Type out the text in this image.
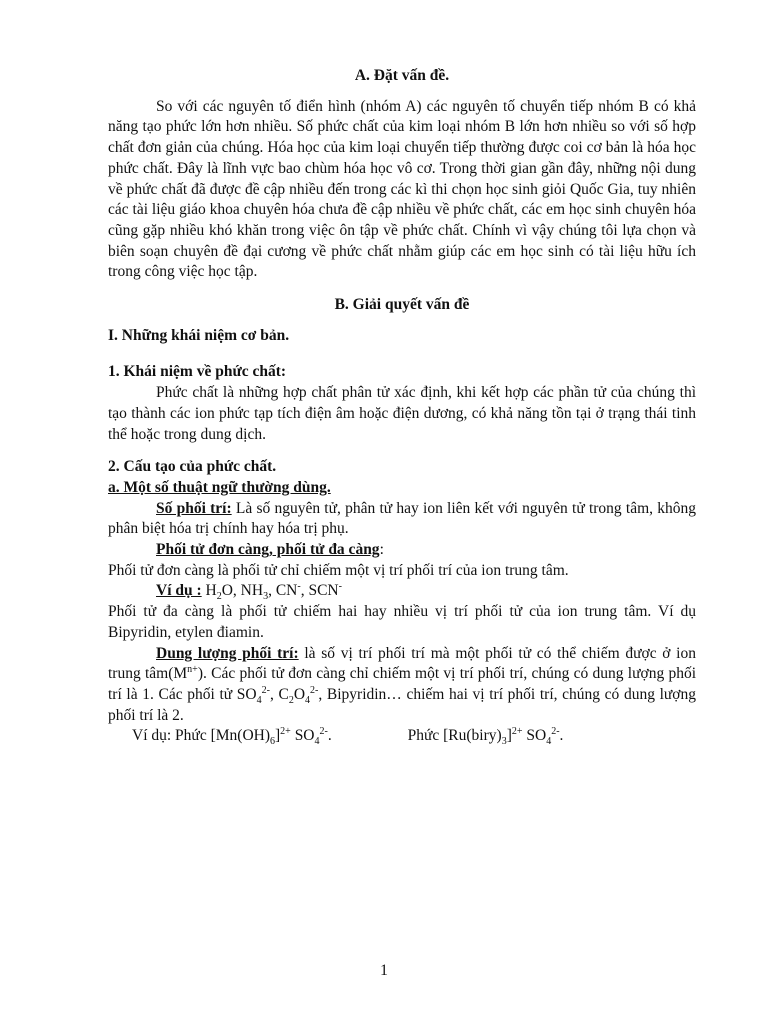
A. Đặt vấn đề.

So với các nguyên tố điển hình (nhóm A) các nguyên tố chuyển tiếp nhóm B có khả năng tạo phức lớn hơn nhiều. Số phức chất của kim loại nhóm B lớn hơn nhiều so với số hợp chất đơn giản của chúng. Hóa học của kim loại chuyển tiếp thường được coi cơ bản là hóa học phức chất. Đây là lĩnh vực bao chùm hóa học vô cơ. Trong thời gian gần đây, những nội dung về phức chất đã được đề cập nhiều đến trong các kì thi chọn học sinh giỏi Quốc Gia, tuy nhiên các tài liệu giáo khoa chuyên hóa chưa đề cập nhiều về phức chất, các em học sinh chuyên hóa cũng gặp nhiều khó khăn trong việc ôn tập về phức chất. Chính vì vậy chúng tôi lựa chọn và biên soạn chuyên đề đại cương về phức chất nhằm giúp các em học sinh có tài liệu hữu ích trong công việc học tập.

B. Giải quyết vấn đề

I. Những khái niệm cơ bản.

1. Khái niệm về phức chất:

Phức chất là những hợp chất phân tử xác định, khi kết hợp các phần tử của chúng thì tạo thành các ion phức tạp tích điện âm hoặc điện dương, có khả năng tồn tại ở trạng thái tinh thể hoặc trong dung dịch.

2. Cấu tạo của phức chất.

a. Một số thuật ngữ thường dùng.

Số phối trí: Là số nguyên tử, phân tử hay ion liên kết với nguyên tử trong tâm, không phân biệt hóa trị chính hay hóa trị phụ.

Phối tử đơn càng, phối tử đa càng:

Phối tử đơn càng là phối tử chỉ chiếm một vị trí phối trí của ion trung tâm.

Ví dụ : $H_2O$, $NH_3$, CN-, SCN-

Phối tử đa càng là phối tử chiếm hai hay nhiều vị trí phối tử của ion trung tâm. Ví dụ Bipyridin, etylen điamin.

Dung lượng phối trí: là số vị trí phối trí mà một phối tử có thể chiếm được ở ion trung $tâm(M^{n+})$. Các phối tử đơn càng chỉ chiếm một vị trí phối trí, chúng có dung lượng phối trí là 1. Các phối tử $SO_4^{2-}$, $C_2O_4^{2-}$, Bipyridin… chiếm hai vị trí phối trí, chúng có dung lượng phối trí là 2.

Ví dụ: Phức $[Mn(OH)_6]^{2+}$ $SO_4^{2-}$.	Phức $[Ru(biry)_3]^{2+}$ $SO_4^{2-}$.

1
